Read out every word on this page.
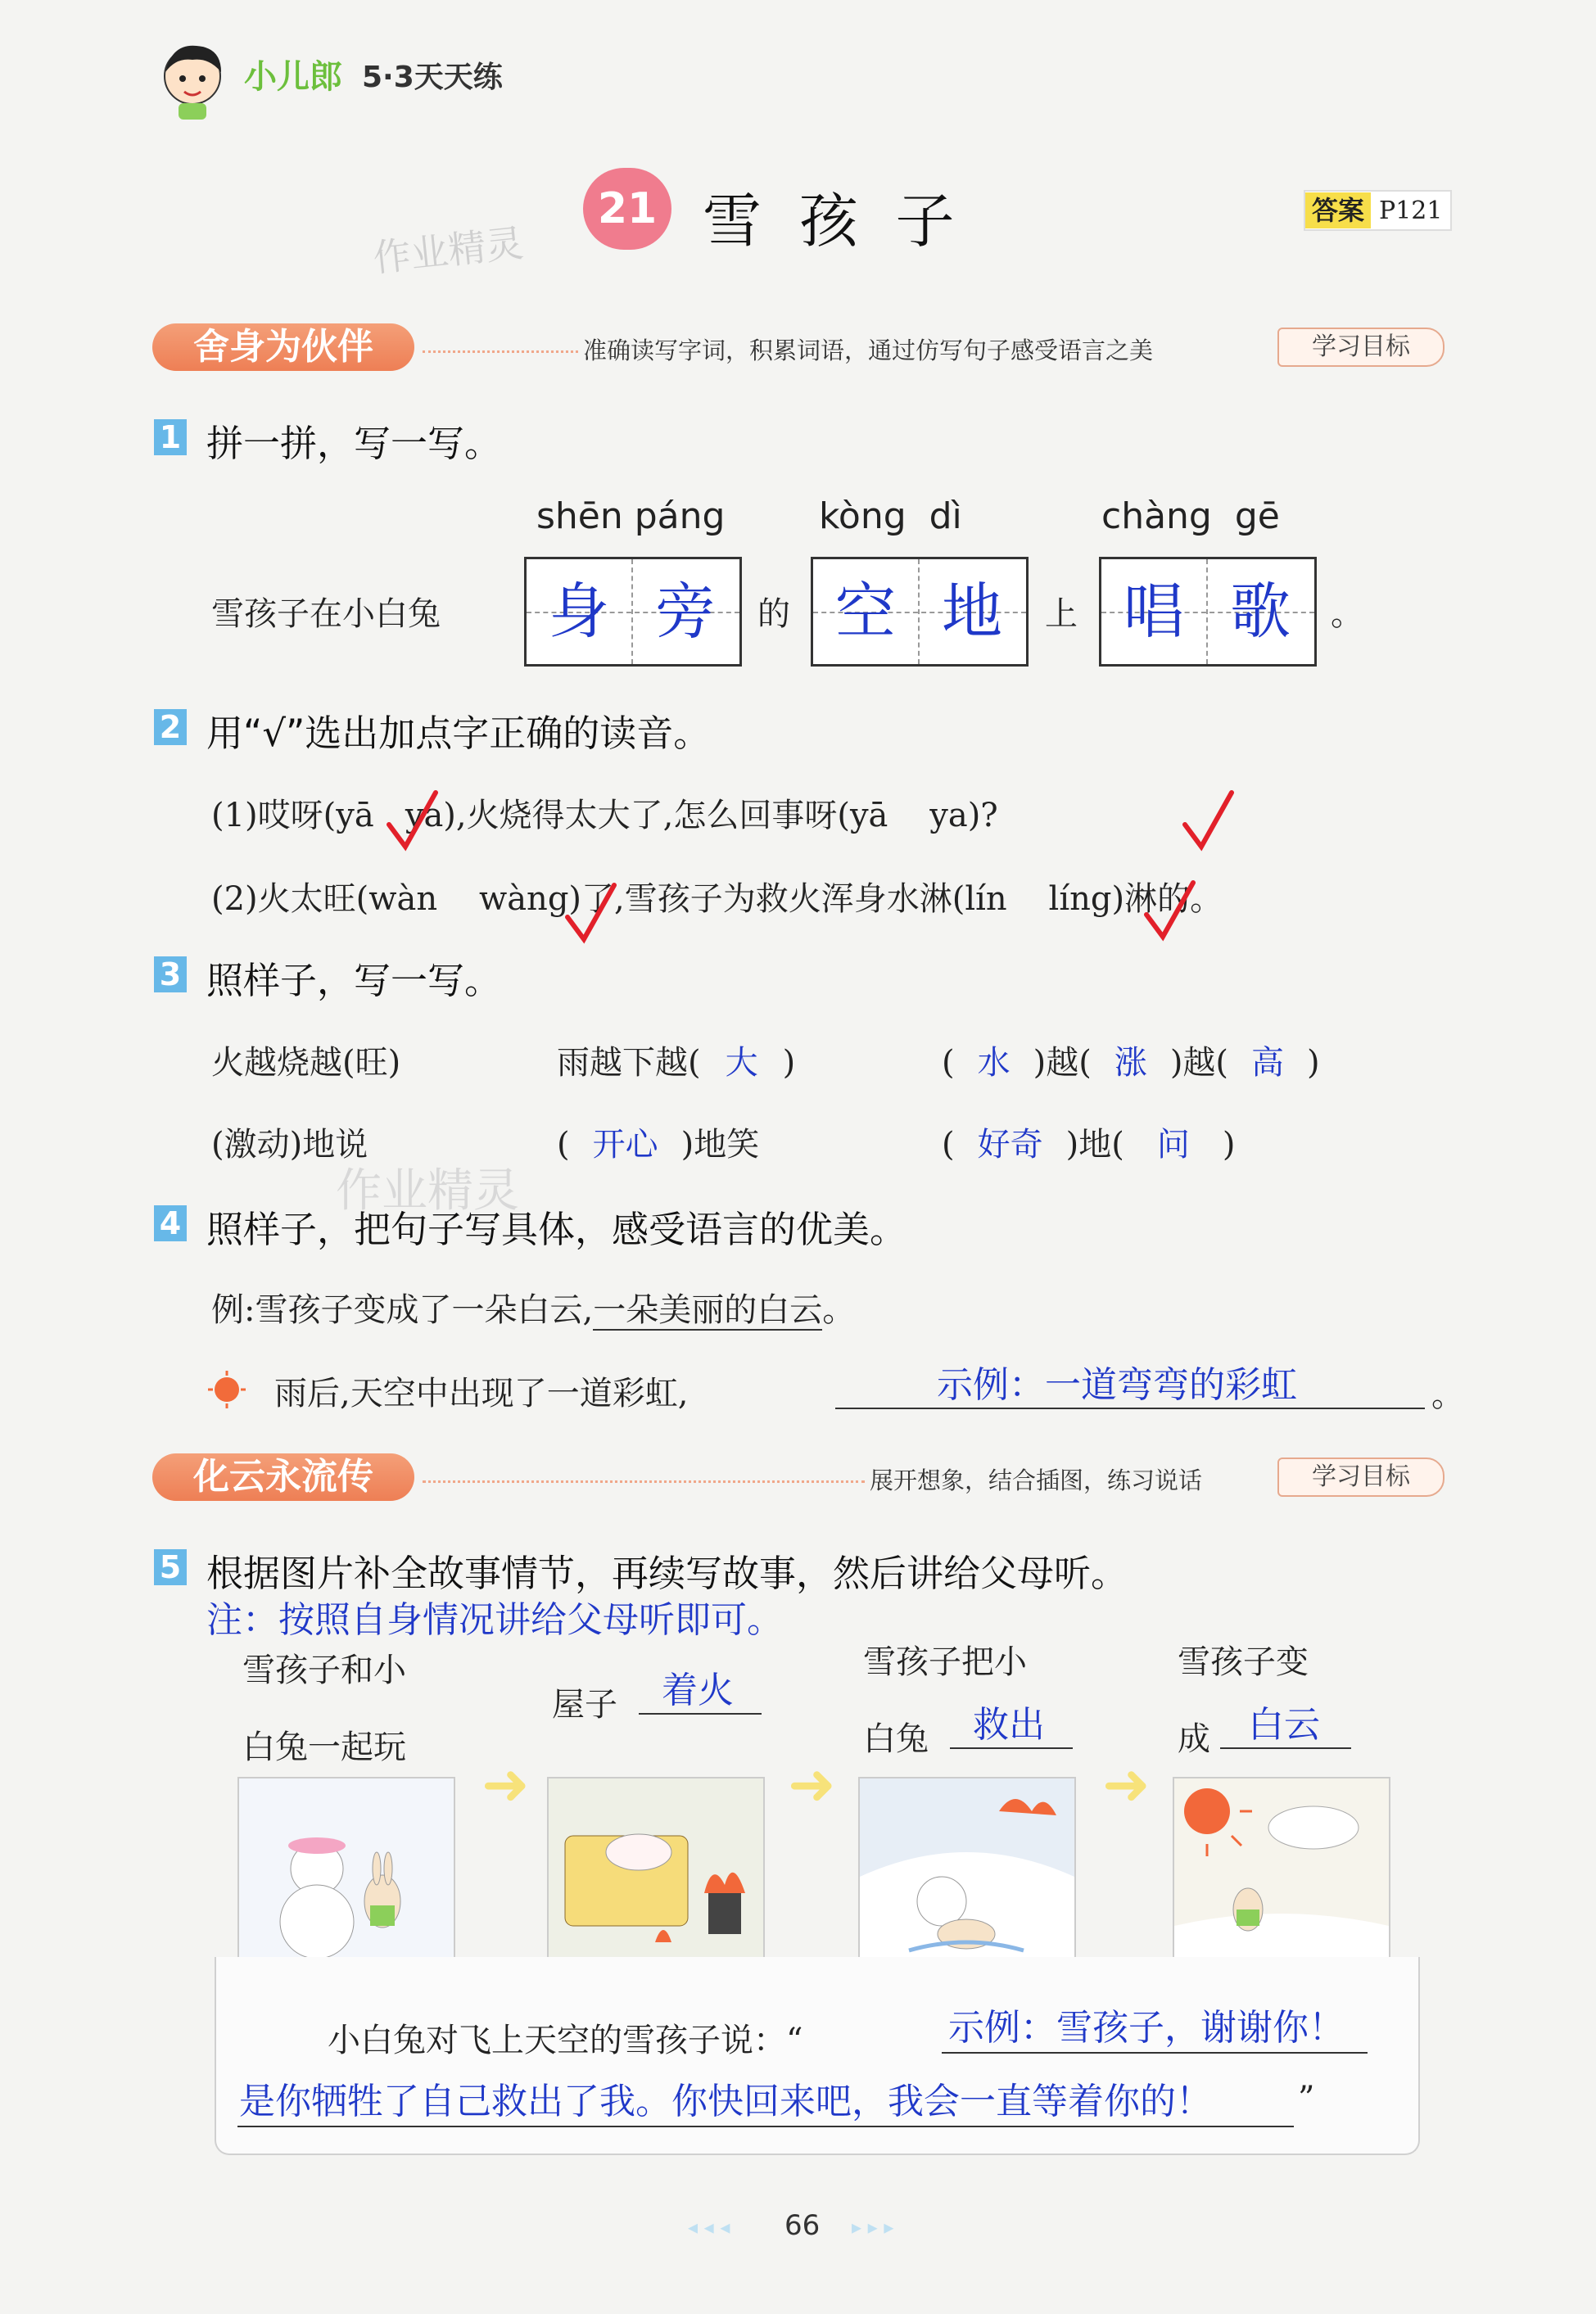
小儿郎 5·3天天练
作业精灵
21 雪  孩  子	答案 P121
舍身为伙伴	准确读写字词，积累词语，通过仿写句子感受语言之美	学习目标
1 拼一拼，写一写。
shēn páng	kòng  dì	chàng  gē
雪孩子在小白兔	身 旁	的 空 地	上 唱 歌	。
2 用“√”选出加点字正确的读音。
(1)哎呀(yā   ya),火烧得太大了,怎么回事呀(yā    ya)?
(2)火太旺(wàn    wàng)了,雪孩子为救火浑身水淋(lín    líng)淋的。
3 照样子，写一写。
火越烧越(旺)	雨越下越( 大 )	( 水 )越( 涨 )越( 高 )
(激动)地说	( 开心 )地笑	( 好奇 )地( 问 )
作业精灵
4 照样子，把句子写具体，感受语言的优美。
例:雪孩子变成了一朵白云,一朵美丽的白云。
雨后,天空中出现了一道彩虹,	示例：一道弯弯的彩虹	。
化云永流传	展开想象，结合插图，练习说话	学习目标
5 根据图片补全故事情节，再续写故事，然后讲给父母听。
注：按照自身情况讲给父母听即可。
雪孩子和小
白兔一起玩
➜
屋子 着火
➜
雪孩子把小
白兔 救出
➜
雪孩子变
成 白云
小白兔对飞上天空的雪孩子说：“	示例：雪孩子，谢谢你！
是你牺牲了自己救出了我。你快回来吧，我会一直等着你的！	”
◂ ◂ ◂ 66 ▸ ▸ ▸
